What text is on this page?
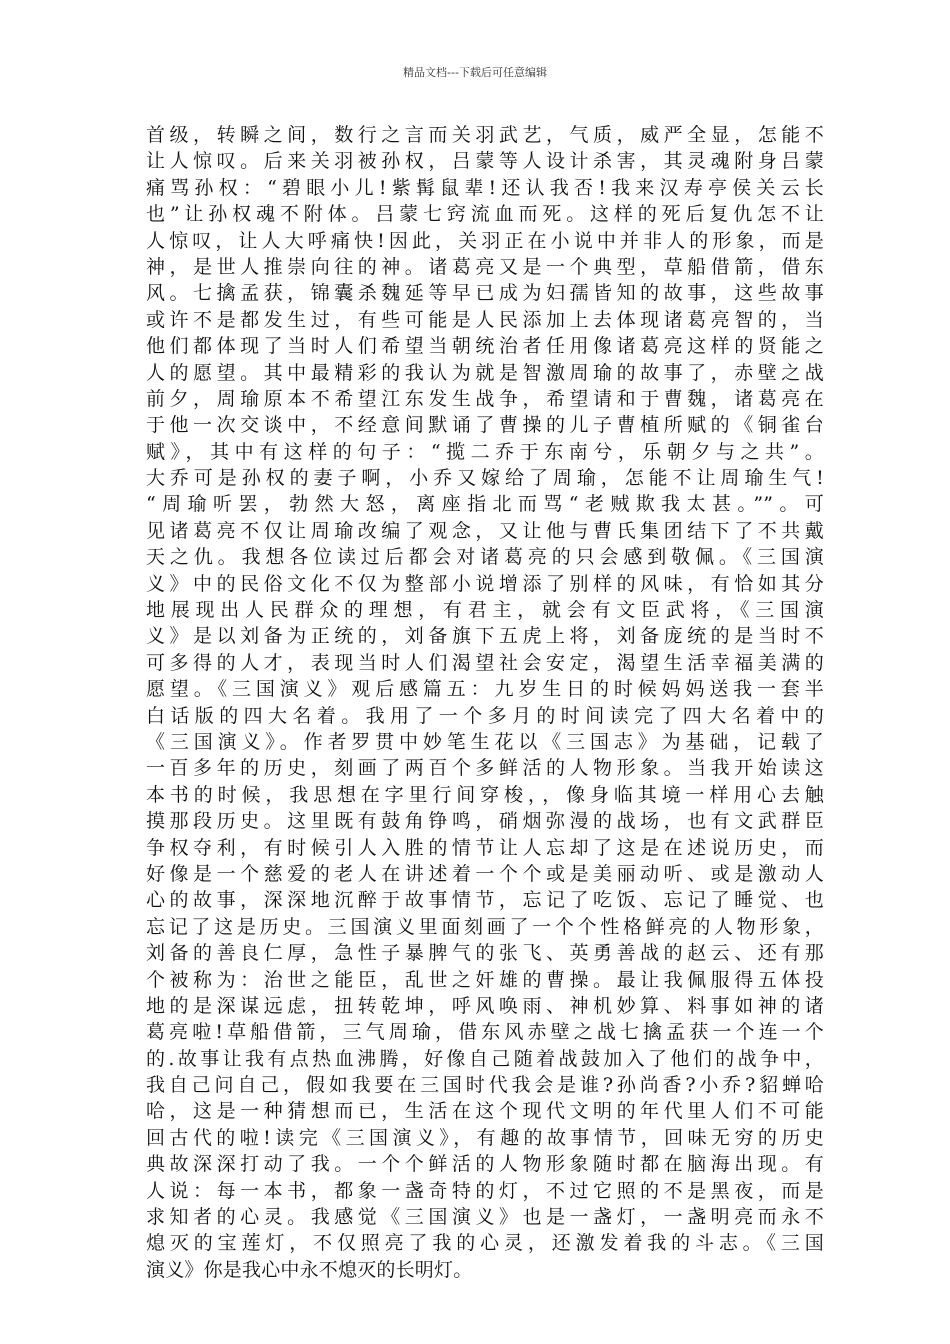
精品文档---下载后可任意编辑
首级，转瞬之间，数行之言而关羽武艺，气质，威严全显，怎能不
让人惊叹。后来关羽被孙权，吕蒙等人设计杀害，其灵魂附身吕蒙
痛骂孙权：“碧眼小儿!紫髯鼠辈!还认我否!我来汉寿亭侯关云长
也”让孙权魂不附体。吕蒙七窍流血而死。这样的死后复仇怎不让
人惊叹，让人大呼痛快!因此，关羽正在小说中并非人的形象，而是
神，是世人推崇向往的神。诸葛亮又是一个典型，草船借箭，借东
风。七擒孟获，锦囊杀魏延等早已成为妇孺皆知的故事，这些故事
或许不是都发生过，有些可能是人民添加上去体现诸葛亮智的，当
他们都体现了当时人们希望当朝统治者任用像诸葛亮这样的贤能之
人的愿望。其中最精彩的我认为就是智激周瑜的故事了，赤壁之战
前夕，周瑜原本不希望江东发生战争，希望请和于曹魏，诸葛亮在
于他一次交谈中，不经意间默诵了曹操的儿子曹植所赋的《铜雀台
赋》，其中有这样的句子：“揽二乔于东南兮，乐朝夕与之共”。
大乔可是孙权的妻子啊，小乔又嫁给了周瑜，怎能不让周瑜生气!
“周瑜听罢，勃然大怒，离座指北而骂“老贼欺我太甚。””。可
见诸葛亮不仅让周瑜改编了观念，又让他与曹氏集团结下了不共戴
天之仇。我想各位读过后都会对诸葛亮的只会感到敬佩。《三国演
义》中的民俗文化不仅为整部小说增添了别样的风味，有恰如其分
地展现出人民群众的理想，有君主，就会有文臣武将，《三国演
义》是以刘备为正统的，刘备旗下五虎上将，刘备庞统的是当时不
可多得的人才，表现当时人们渴望社会安定，渴望生活幸福美满的
愿望。《三国演义》观后感篇五：九岁生日的时候妈妈送我一套半
白话版的四大名着。我用了一个多月的时间读完了四大名着中的
《三国演义》。作者罗贯中妙笔生花以《三国志》为基础，记载了
一百多年的历史，刻画了两百个多鲜活的人物形象。当我开始读这
本书的时候，我思想在字里行间穿梭，，像身临其境一样用心去触
摸那段历史。这里既有鼓角铮鸣，硝烟弥漫的战场，也有文武群臣
争权夺利，有时候引人入胜的情节让人忘却了这是在述说历史，而
好像是一个慈爱的老人在讲述着一个个或是美丽动听、或是激动人
心的故事，深深地沉醉于故事情节，忘记了吃饭、忘记了睡觉、也
忘记了这是历史。三国演义里面刻画了一个个性格鲜亮的人物形象，
刘备的善良仁厚，急性子暴脾气的张飞、英勇善战的赵云、还有那
个被称为：治世之能臣，乱世之奸雄的曹操。最让我佩服得五体投
地的是深谋远虑，扭转乾坤，呼风唤雨、神机妙算、料事如神的诸
葛亮啦!草船借箭，三气周瑜，借东风赤壁之战七擒孟获一个连一个
的.故事让我有点热血沸腾，好像自己随着战鼓加入了他们的战争中，
我自己问自己，假如我要在三国时代我会是谁?孙尚香?小乔?貂蝉哈
哈，这是一种猜想而已，生活在这个现代文明的年代里人们不可能
回古代的啦!读完《三国演义》，有趣的故事情节，回味无穷的历史
典故深深打动了我。一个个鲜活的人物形象随时都在脑海出现。有
人说：每一本书，都象一盏奇特的灯，不过它照的不是黑夜，而是
求知者的心灵。我感觉《三国演义》也是一盏灯，一盏明亮而永不
熄灭的宝莲灯，不仅照亮了我的心灵，还激发着我的斗志。《三国
演义》你是我心中永不熄灭的长明灯。
